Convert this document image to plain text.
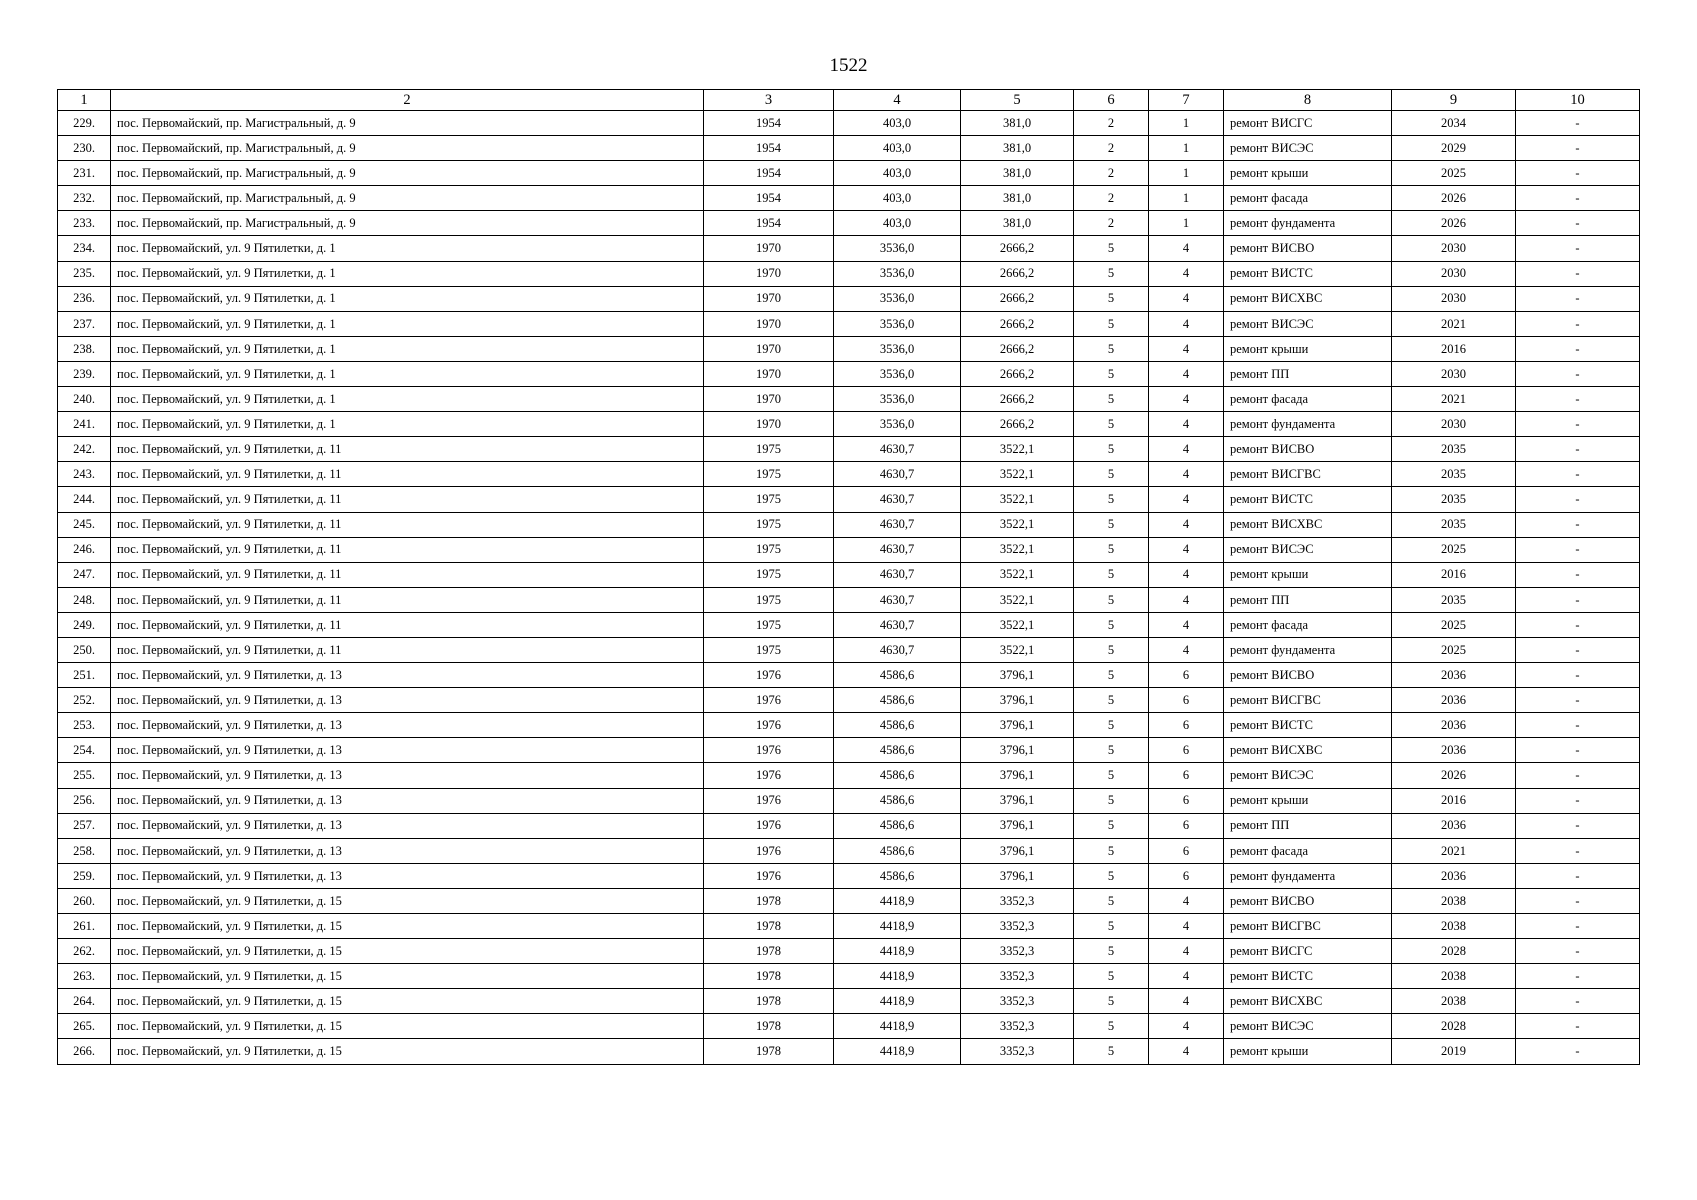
1522
1	2	3	4	5	6	7	8	9	10
229.	пос. Первомайский, пр. Магистральный, д. 9	1954	403,0	381,0	2	1	ремонт ВИСГС	2034	-
230.	пос. Первомайский, пр. Магистральный, д. 9	1954	403,0	381,0	2	1	ремонт ВИСЭС	2029	-
231.	пос. Первомайский, пр. Магистральный, д. 9	1954	403,0	381,0	2	1	ремонт крыши	2025	-
232.	пос. Первомайский, пр. Магистральный, д. 9	1954	403,0	381,0	2	1	ремонт фасада	2026	-
233.	пос. Первомайский, пр. Магистральный, д. 9	1954	403,0	381,0	2	1	ремонт фундамента	2026	-
234.	пос. Первомайский, ул. 9 Пятилетки, д. 1	1970	3536,0	2666,2	5	4	ремонт ВИСВО	2030	-
235.	пос. Первомайский, ул. 9 Пятилетки, д. 1	1970	3536,0	2666,2	5	4	ремонт ВИСТС	2030	-
236.	пос. Первомайский, ул. 9 Пятилетки, д. 1	1970	3536,0	2666,2	5	4	ремонт ВИСХВС	2030	-
237.	пос. Первомайский, ул. 9 Пятилетки, д. 1	1970	3536,0	2666,2	5	4	ремонт ВИСЭС	2021	-
238.	пос. Первомайский, ул. 9 Пятилетки, д. 1	1970	3536,0	2666,2	5	4	ремонт крыши	2016	-
239.	пос. Первомайский, ул. 9 Пятилетки, д. 1	1970	3536,0	2666,2	5	4	ремонт ПП	2030	-
240.	пос. Первомайский, ул. 9 Пятилетки, д. 1	1970	3536,0	2666,2	5	4	ремонт фасада	2021	-
241.	пос. Первомайский, ул. 9 Пятилетки, д. 1	1970	3536,0	2666,2	5	4	ремонт фундамента	2030	-
242.	пос. Первомайский, ул. 9 Пятилетки, д. 11	1975	4630,7	3522,1	5	4	ремонт ВИСВО	2035	-
243.	пос. Первомайский, ул. 9 Пятилетки, д. 11	1975	4630,7	3522,1	5	4	ремонт ВИСГВС	2035	-
244.	пос. Первомайский, ул. 9 Пятилетки, д. 11	1975	4630,7	3522,1	5	4	ремонт ВИСТС	2035	-
245.	пос. Первомайский, ул. 9 Пятилетки, д. 11	1975	4630,7	3522,1	5	4	ремонт ВИСХВС	2035	-
246.	пос. Первомайский, ул. 9 Пятилетки, д. 11	1975	4630,7	3522,1	5	4	ремонт ВИСЭС	2025	-
247.	пос. Первомайский, ул. 9 Пятилетки, д. 11	1975	4630,7	3522,1	5	4	ремонт крыши	2016	-
248.	пос. Первомайский, ул. 9 Пятилетки, д. 11	1975	4630,7	3522,1	5	4	ремонт ПП	2035	-
249.	пос. Первомайский, ул. 9 Пятилетки, д. 11	1975	4630,7	3522,1	5	4	ремонт фасада	2025	-
250.	пос. Первомайский, ул. 9 Пятилетки, д. 11	1975	4630,7	3522,1	5	4	ремонт фундамента	2025	-
251.	пос. Первомайский, ул. 9 Пятилетки, д. 13	1976	4586,6	3796,1	5	6	ремонт ВИСВО	2036	-
252.	пос. Первомайский, ул. 9 Пятилетки, д. 13	1976	4586,6	3796,1	5	6	ремонт ВИСГВС	2036	-
253.	пос. Первомайский, ул. 9 Пятилетки, д. 13	1976	4586,6	3796,1	5	6	ремонт ВИСТС	2036	-
254.	пос. Первомайский, ул. 9 Пятилетки, д. 13	1976	4586,6	3796,1	5	6	ремонт ВИСХВС	2036	-
255.	пос. Первомайский, ул. 9 Пятилетки, д. 13	1976	4586,6	3796,1	5	6	ремонт ВИСЭС	2026	-
256.	пос. Первомайский, ул. 9 Пятилетки, д. 13	1976	4586,6	3796,1	5	6	ремонт крыши	2016	-
257.	пос. Первомайский, ул. 9 Пятилетки, д. 13	1976	4586,6	3796,1	5	6	ремонт ПП	2036	-
258.	пос. Первомайский, ул. 9 Пятилетки, д. 13	1976	4586,6	3796,1	5	6	ремонт фасада	2021	-
259.	пос. Первомайский, ул. 9 Пятилетки, д. 13	1976	4586,6	3796,1	5	6	ремонт фундамента	2036	-
260.	пос. Первомайский, ул. 9 Пятилетки, д. 15	1978	4418,9	3352,3	5	4	ремонт ВИСВО	2038	-
261.	пос. Первомайский, ул. 9 Пятилетки, д. 15	1978	4418,9	3352,3	5	4	ремонт ВИСГВС	2038	-
262.	пос. Первомайский, ул. 9 Пятилетки, д. 15	1978	4418,9	3352,3	5	4	ремонт ВИСГС	2028	-
263.	пос. Первомайский, ул. 9 Пятилетки, д. 15	1978	4418,9	3352,3	5	4	ремонт ВИСТС	2038	-
264.	пос. Первомайский, ул. 9 Пятилетки, д. 15	1978	4418,9	3352,3	5	4	ремонт ВИСХВС	2038	-
265.	пос. Первомайский, ул. 9 Пятилетки, д. 15	1978	4418,9	3352,3	5	4	ремонт ВИСЭС	2028	-
266.	пос. Первомайский, ул. 9 Пятилетки, д. 15	1978	4418,9	3352,3	5	4	ремонт крыши	2019	-
